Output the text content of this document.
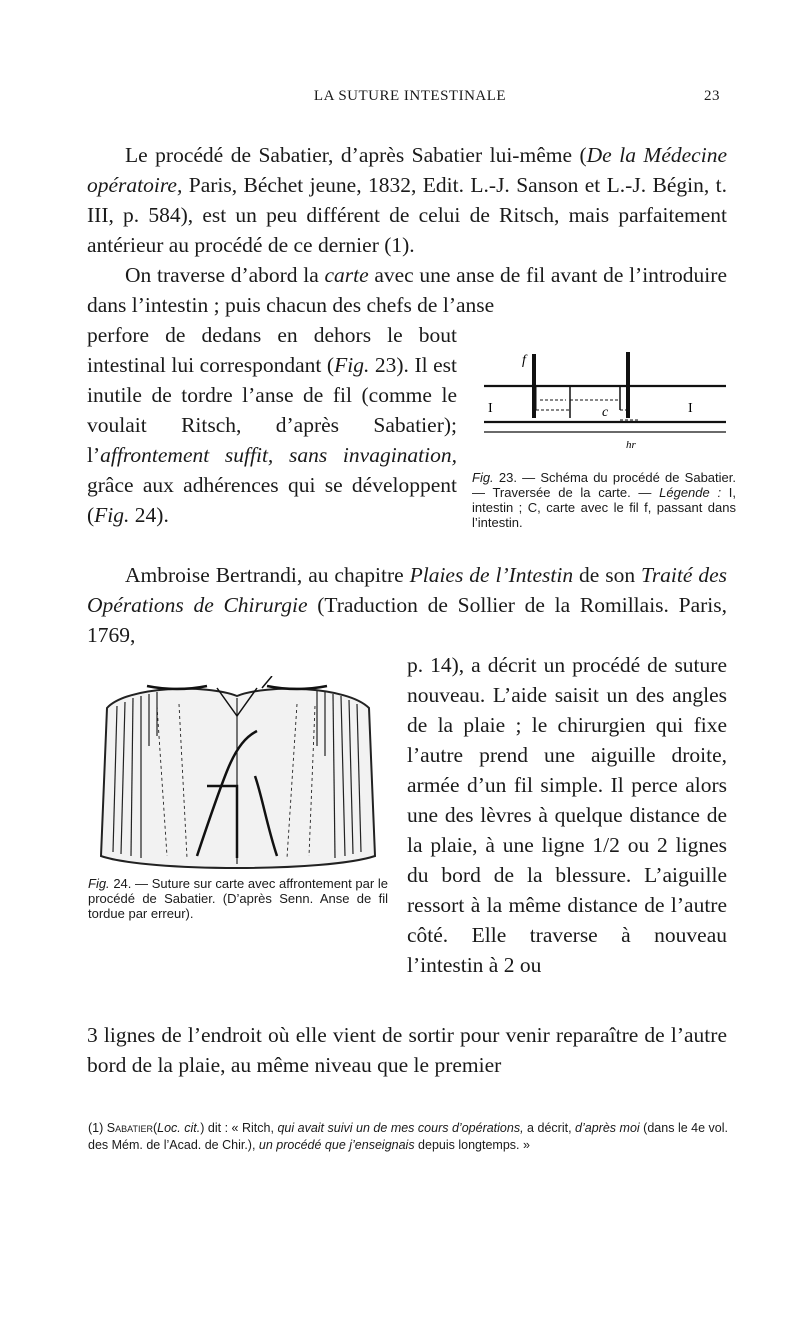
LA SUTURE INTESTINALE	23
Le procédé de Sabatier, d’après Sabatier lui-même (De la Médecine opératoire, Paris, Béchet jeune, 1832, Edit. L.-J. Sanson et L.-J. Bégin, t. III, p. 584), est un peu différent de celui de Ritsch, mais parfaitement antérieur au procédé de ce dernier (1).
On traverse d’abord la carte avec une anse de fil avant de l’introduire dans l’intestin ; puis chacun des chefs de l’anse
perfore de dedans en dehors le bout intestinal lui correspondant (Fig. 23). Il est inutile de tordre l’anse de fil (comme le voulait Ritsch, d’après Sabatier); l’affrontement suffit, sans invagination, grâce aux adhérences qui se développent (Fig. 24).
f
I	c	I
hr
Fig. 23. — Schéma du procédé de Sabatier. — Traversée de la carte. — Légende : I, intestin ; C, carte avec le fil f, passant dans l’intestin.
Ambroise Bertrandi, au chapitre Plaies de l’Intestin de son Traité des Opérations de Chirurgie (Traduction de Sollier de la Romillais. Paris, 1769,
p. 14), a décrit un procédé de suture nouveau. L’aide saisit un des angles de la plaie ; le chirurgien qui fixe l’autre prend une aiguille droite, armée d’un fil simple. Il perce alors une des lèvres à quelque distance de la plaie, à une ligne 1/2 ou 2 lignes du bord de la blessure. L’aiguille ressort à la même distance de l’autre côté. Elle traverse à nouveau l’intestin à 2 ou
Fig. 24. — Suture sur carte avec affrontement par le procédé de Sabatier. (D’après Senn. Anse de fil tordue par erreur).
3 lignes de l’endroit où elle vient de sortir pour venir reparaître de l’autre bord de la plaie, au même niveau que le premier
(1) Sabatier(Loc. cit.) dit : « Ritch, qui avait suivi un de mes cours d’opérations, a décrit, d’après moi (dans le 4e vol. des Mém. de l’Acad. de Chir.), un procédé que j’enseignais depuis longtemps. »
